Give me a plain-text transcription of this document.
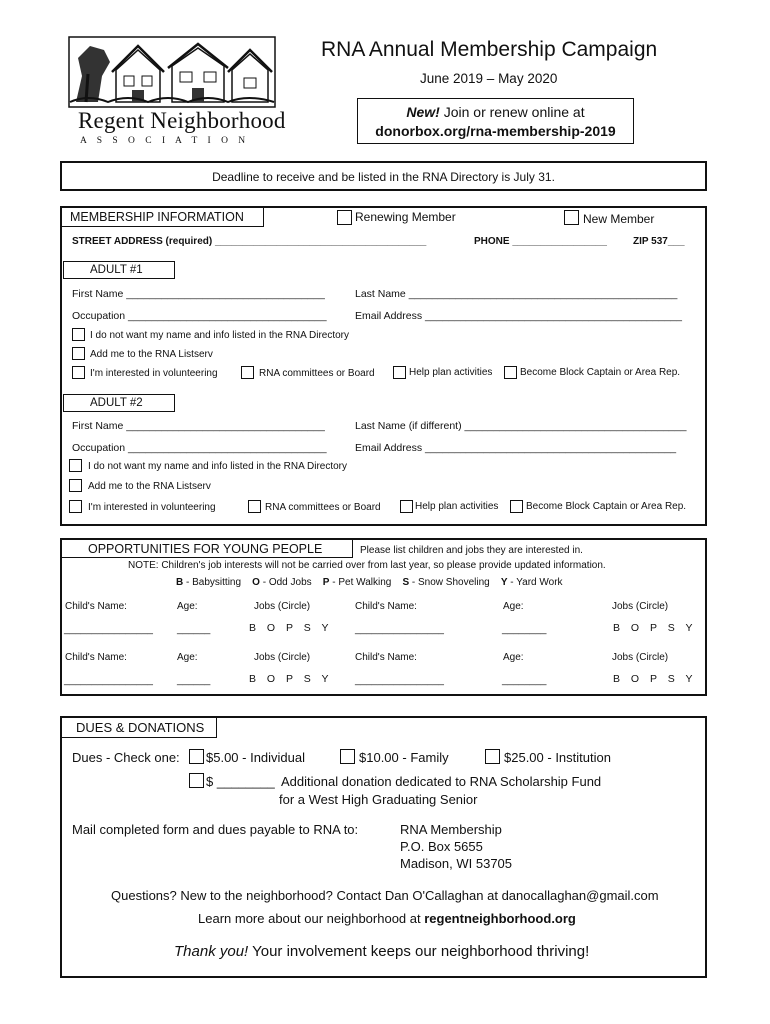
Regent Neighborhood
A S S O C I A T I O N
RNA Annual Membership Campaign
June 2019 – May 2020
New! Join or renew online at
donorbox.org/rna-membership-2019
Deadline to receive and be listed in the RNA Directory is July 31.
MEMBERSHIP INFORMATION	Renewing Member	New Member
STREET ADDRESS (required) ______________________________________	PHONE _________________	ZIP 537___
ADULT #1
First Name __________________________________	Last Name ______________________________________________
Occupation __________________________________	Email Address ____________________________________________
I do not want my name and info listed in the RNA Directory
Add me to the RNA Listserv
I'm interested in volunteering	RNA committees or Board	Help plan activities	Become Block Captain or Area Rep.
ADULT #2
First Name __________________________________	Last Name (if different) ______________________________________
Occupation __________________________________	Email Address ___________________________________________
I do not want my name and info listed in the RNA Directory
Add me to the RNA Listserv
I'm interested in volunteering	RNA committees or Board	Help plan activities	Become Block Captain or Area Rep.
OPPORTUNITIES FOR YOUNG PEOPLE	Please list children and jobs they are interested in.
NOTE: Children's job interests will not be carried over from last year, so please provide updated information.
B - Babysitting O - Odd Jobs P - Pet Walking S - Snow Shoveling Y - Yard Work
Child's Name:	Age:	Jobs (Circle)	Child's Name:	Age:	Jobs (Circle)
________________ ______	B O P S Y	________________	________	B O P S Y
Child's Name:	Age:	Jobs (Circle)	Child's Name:	Age:	Jobs (Circle)
________________ ______	B O P S Y	________________	________	B O P S Y
DUES & DONATIONS
Dues - Check one: $5.00 - Individual	$10.00 - Family	$25.00 - Institution
$ ________ Additional donation dedicated to RNA Scholarship Fund
for a West High Graduating Senior
Mail completed form and dues payable to RNA to:	RNA Membership
P.O. Box 5655
Madison, WI 53705
Questions? New to the neighborhood? Contact Dan O'Callaghan at danocallaghan@gmail.com
Learn more about our neighborhood at regentneighborhood.org
Thank you! Your involvement keeps our neighborhood thriving!
